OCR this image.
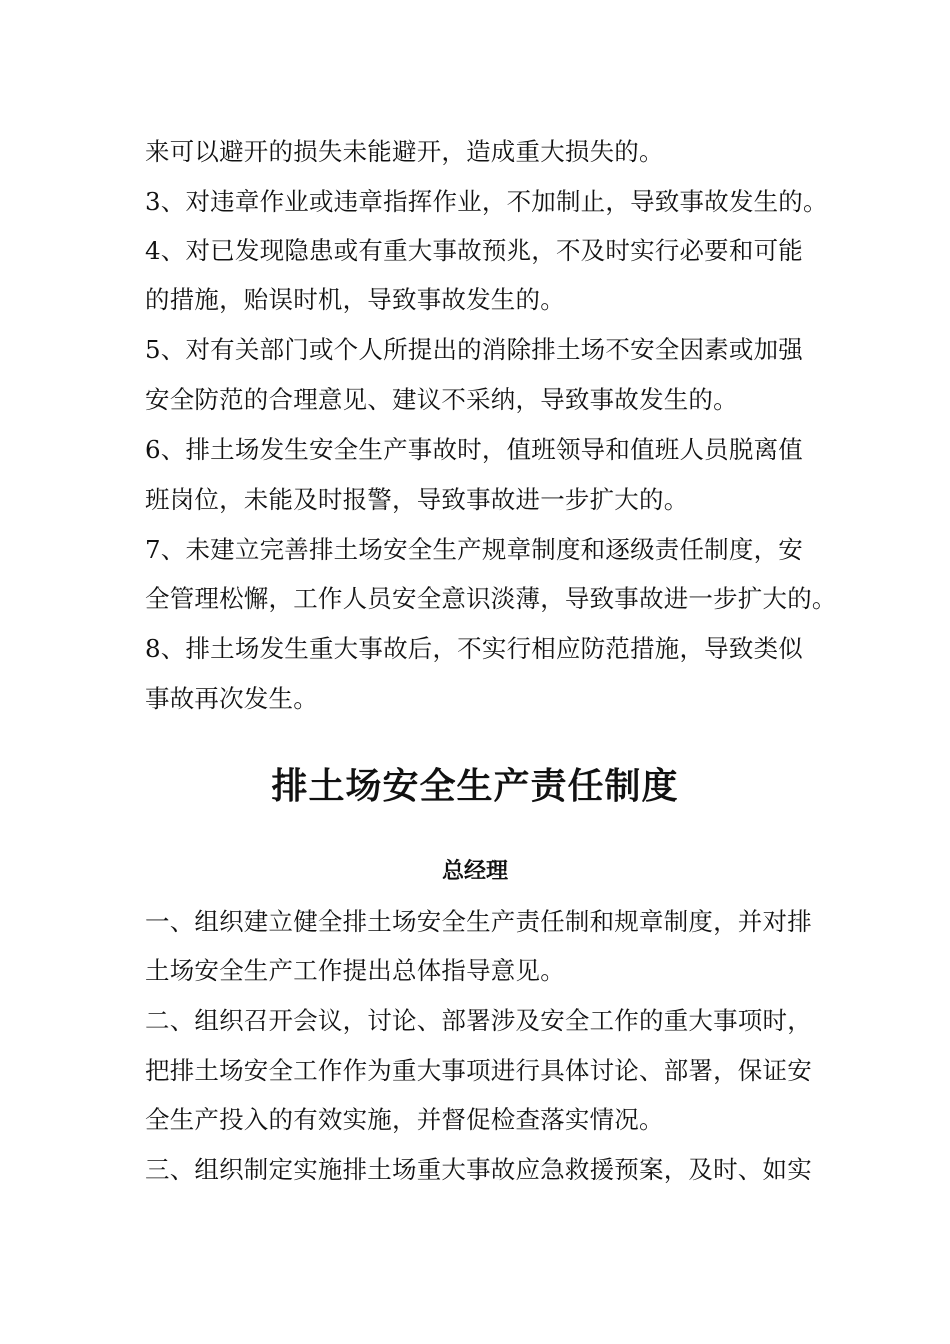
来可以避开的损失未能避开，造成重大损失的。
3、对违章作业或违章指挥作业，不加制止，导致事故发生的。
4、对已发现隐患或有重大事故预兆，不及时实行必要和可能
的措施，贻误时机，导致事故发生的。
5、对有关部门或个人所提出的消除排土场不安全因素或加强
安全防范的合理意见、建议不采纳，导致事故发生的。
6、排土场发生安全生产事故时，值班领导和值班人员脱离值
班岗位，未能及时报警，导致事故进一步扩大的。
7、未建立完善排土场安全生产规章制度和逐级责任制度，安
全管理松懈，工作人员安全意识淡薄，导致事故进一步扩大的。
8、排土场发生重大事故后，不实行相应防范措施，导致类似
事故再次发生。
排土场安全生产责任制度
总经理
一、组织建立健全排土场安全生产责任制和规章制度，并对排
土场安全生产工作提出总体指导意见。
二、组织召开会议，讨论、部署涉及安全工作的重大事项时，
把排土场安全工作作为重大事项进行具体讨论、部署，保证安
全生产投入的有效实施，并督促检查落实情况。
三、组织制定实施排土场重大事故应急救援预案，及时、如实
